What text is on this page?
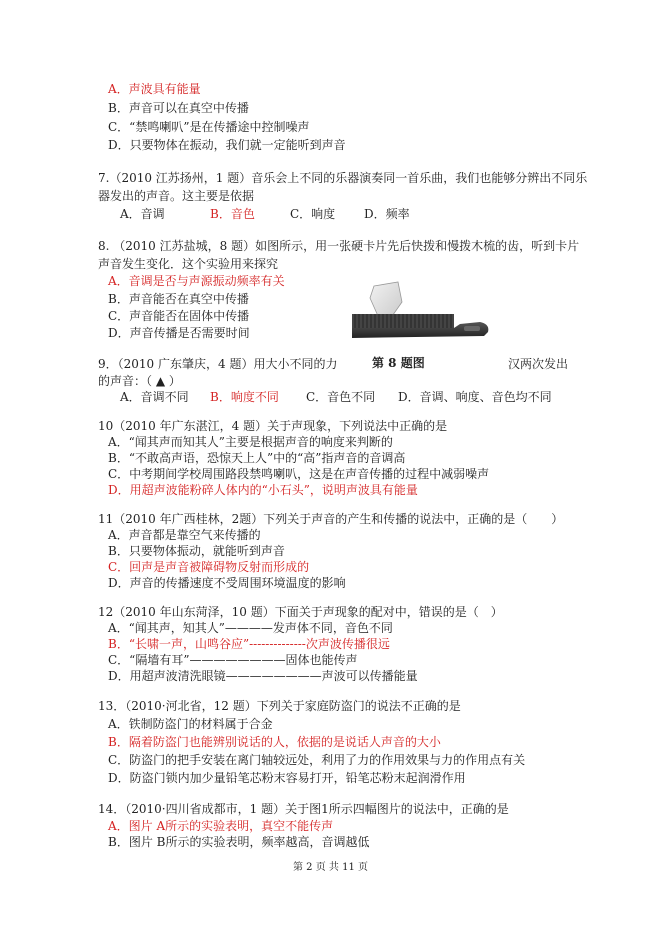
A．声波具有能量
B．声音可以在真空中传播
C．“禁鸣喇叭”是在传播途中控制噪声
D．只要物体在振动，我们就一定能听到声音
7.（2010 江苏扬州，1 题）音乐会上不同的乐器演奏同一首乐曲，我们也能够分辨出不同乐
器发出的声音。这主要是依据
A．音调	B．音色	C．响度 D．频率
8. （2010 江苏盐城，8 题）如图所示，用一张硬卡片先后快拨和慢拨木梳的齿，听到卡片
声音发生变化．这个实验用来探究
A．音调是否与声源振动频率有关
B．声音能否在真空中传播
C．声音能否在固体中传播
D．声音传播是否需要时间
第 8 题图
9．（2010 广东肇庆，4 题）用大小不同的力	汉两次发出
的声音：（ ▲ ）
A．音调不同 B．响度不同 C．音色不同 D．音调、响度、音色均不同
10（2010 年广东湛江，4 题）关于声现象，下列说法中正确的是
A．“闻其声而知其人”主要是根据声音的响度来判断的
B．“不敢高声语，恐惊天上人”中的“高”指声音的音调高
C．中考期间学校周围路段禁鸣喇叭，这是在声音传播的过程中减弱噪声
D．用超声波能粉碎人体内的“小石头”，说明声波具有能量
11（2010 年广西桂林，2题）下列关于声音的产生和传播的说法中，正确的是（　　）
A．声音都是靠空气来传播的
B．只要物体振动，就能听到声音
C．回声是声音被障碍物反射而形成的
D．声音的传播速度不受周围环境温度的影响
12（2010 年山东菏泽，10 题）下面关于声现象的配对中，错误的是（　）
A．“闻其声，知其人”————发声体不同，音色不同
B．“长啸一声，山鸣谷应”--------------次声波传播很远
C．“隔墙有耳”————————固体也能传声
D．用超声波清洗眼镜————————声波可以传播能量
13．（2010·河北省，12 题）下列关于家庭防盗门的说法不正确的是
A．铁制防盗门的材料属于合金
B．隔着防盗门也能辨别说话的人，依据的是说话人声音的大小
C．防盗门的把手安装在离门轴较远处，利用了力的作用效果与力的作用点有关
D．防盗门锁内加少量铅笔芯粉末容易打开，铅笔芯粉末起润滑作用
14．（2010·四川省成都市，1 题）关于图1所示四幅图片的说法中，正确的是
A．图片 A所示的实验表明，真空不能传声
B．图片 B所示的实验表明，频率越高，音调越低
第 2 页 共 11 页
